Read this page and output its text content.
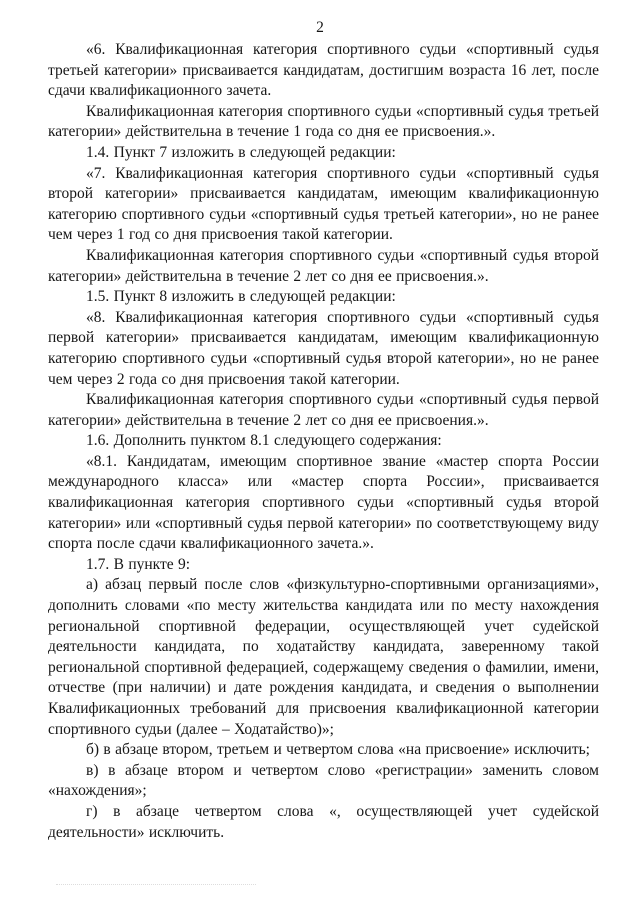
2

«6. Квалификационная категория спортивного судьи «спортивный судья третьей категории» присваивается кандидатам, достигшим возраста 16 лет, после сдачи квалификационного зачета.

Квалификационная категория спортивного судьи «спортивный судья третьей категории» действительна в течение 1 года со дня ее присвоения.».

1.4. Пункт 7 изложить в следующей редакции:

«7. Квалификационная категория спортивного судьи «спортивный судья второй категории» присваивается кандидатам, имеющим квалификационную категорию спортивного судьи «спортивный судья третьей категории», но не ранее чем через 1 год со дня присвоения такой категории.

Квалификационная категория спортивного судьи «спортивный судья второй категории» действительна в течение 2 лет со дня ее присвоения.».

1.5. Пункт 8 изложить в следующей редакции:

«8. Квалификационная категория спортивного судьи «спортивный судья первой категории» присваивается кандидатам, имеющим квалификационную категорию спортивного судьи «спортивный судья второй категории», но не ранее чем через 2 года со дня присвоения такой категории.

Квалификационная категория спортивного судьи «спортивный судья первой категории» действительна в течение 2 лет со дня ее присвоения.».

1.6. Дополнить пунктом 8.1 следующего содержания:

«8.1. Кандидатам, имеющим спортивное звание «мастер спорта России международного класса» или «мастер спорта России», присваивается квалификационная категория спортивного судьи «спортивный судья второй категории» или «спортивный судья первой категории» по соответствующему виду спорта после сдачи квалификационного зачета.».

1.7. В пункте 9:

а) абзац первый после слов «физкультурно-спортивными организациями», дополнить словами «по месту жительства кандидата или по месту нахождения региональной спортивной федерации, осуществляющей учет судейской деятельности кандидата, по ходатайству кандидата, заверенному такой региональной спортивной федерацией, содержащему сведения о фамилии, имени, отчестве (при наличии) и дате рождения кандидата, и сведения о выполнении Квалификационных требований для присвоения квалификационной категории спортивного судьи (далее – Ходатайство)»;

б) в абзаце втором, третьем и четвертом слова «на присвоение» исключить;

в) в абзаце втором и четвертом слово «регистрации» заменить словом «нахождения»;

г) в абзаце четвертом слова «, осуществляющей учет судейской деятельности» исключить.
